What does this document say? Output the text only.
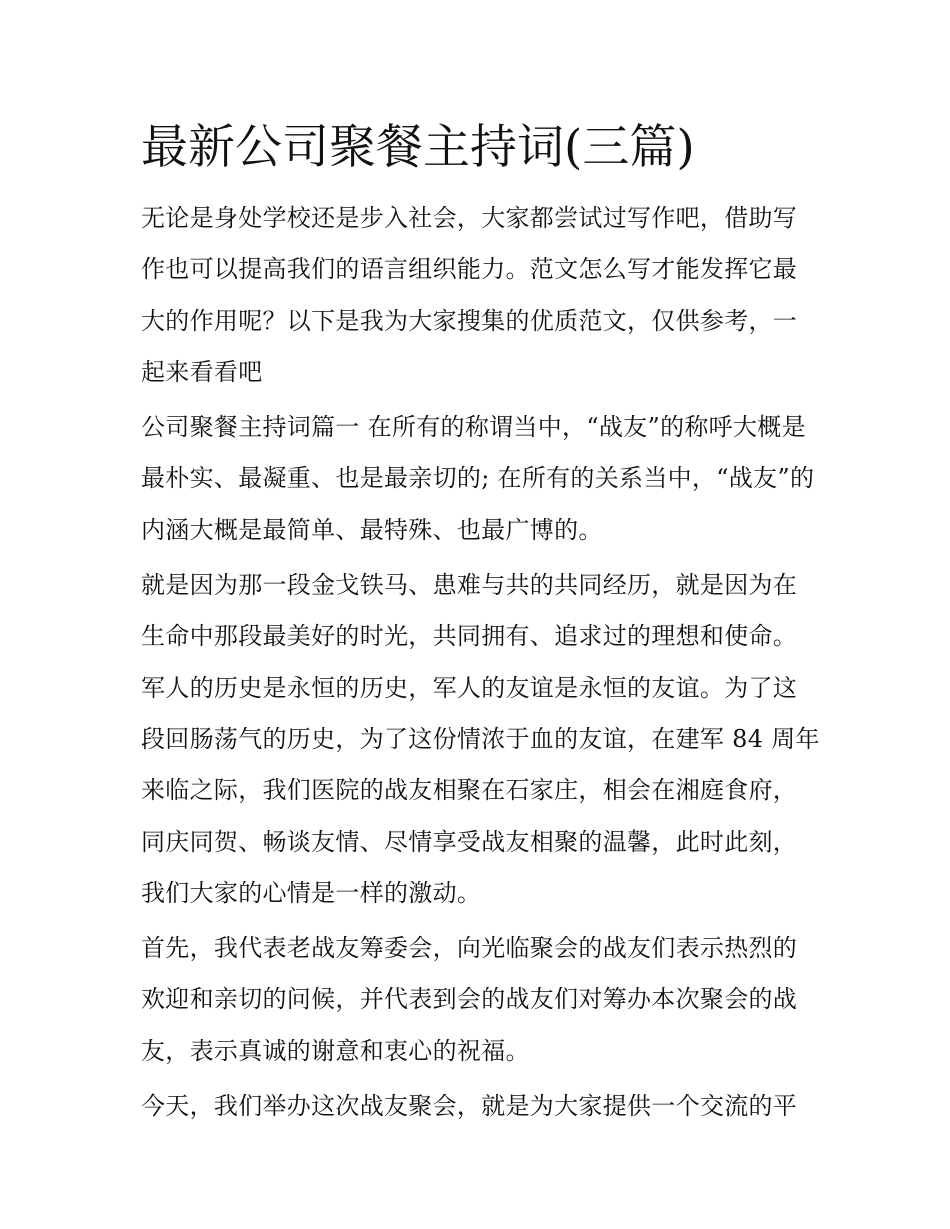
最新公司聚餐主持词(三篇)

无论是身处学校还是步入社会，大家都尝试过写作吧，借助写作也可以提高我们的语言组织能力。范文怎么写才能发挥它最大的作用呢？以下是我为大家搜集的优质范文，仅供参考，一起来看看吧

公司聚餐主持词篇一 在所有的称谓当中，“战友”的称呼大概是最朴实、最凝重、也是最亲切的; 在所有的关系当中，“战友”的内涵大概是最简单、最特殊、也最广博的。

就是因为那一段金戈铁马、患难与共的共同经历，就是因为在生命中那段最美好的时光，共同拥有、追求过的理想和使命。军人的历史是永恒的历史，军人的友谊是永恒的友谊。为了这段回肠荡气的历史，为了这份情浓于血的友谊，在建军 84 周年来临之际，我们医院的战友相聚在石家庄，相会在湘庭食府，同庆同贺、畅谈友情、尽情享受战友相聚的温馨，此时此刻，我们大家的心情是一样的激动。

首先，我代表老战友筹委会，向光临聚会的战友们表示热烈的欢迎和亲切的问候，并代表到会的战友们对筹办本次聚会的战友，表示真诚的谢意和衷心的祝福。

今天，我们举办这次战友聚会，就是为大家提供一个交流的平
